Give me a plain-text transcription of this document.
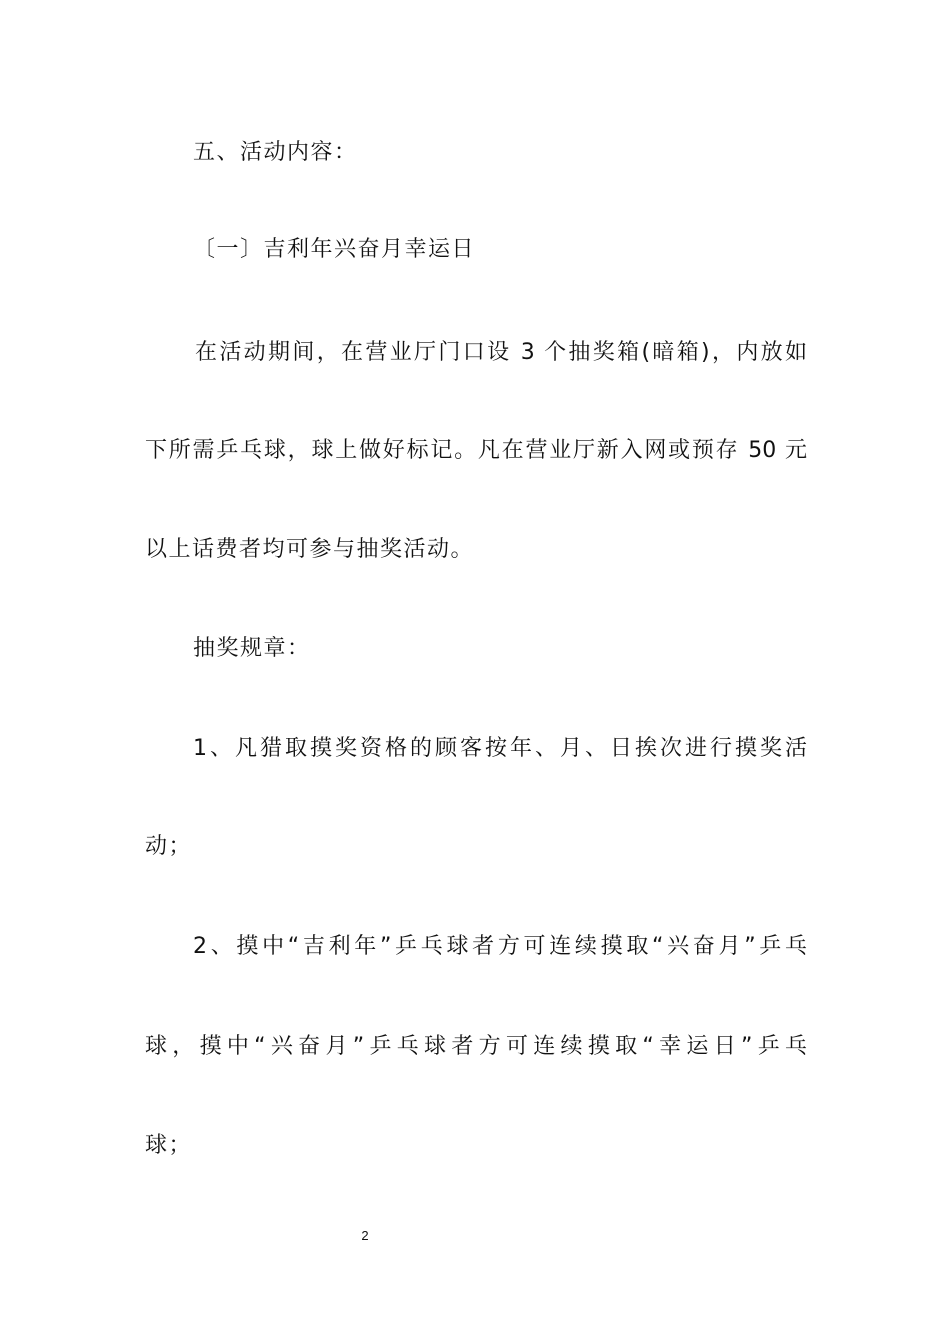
五、活动内容：
〔一〕吉利年兴奋月幸运日
在活动期间，在营业厅门口设 3 个抽奖箱(暗箱)，内放如
下所需乒乓球，球上做好标记。凡在营业厅新入网或预存 50 元
以上话费者均可参与抽奖活动。
抽奖规章：
1、凡猎取摸奖资格的顾客按年、月、日挨次进行摸奖活
动；
2、摸中“吉利年”乒乓球者方可连续摸取“兴奋月”乒乓
球，摸中“兴奋月”乒乓球者方可连续摸取“幸运日”乒乓
球；
2
